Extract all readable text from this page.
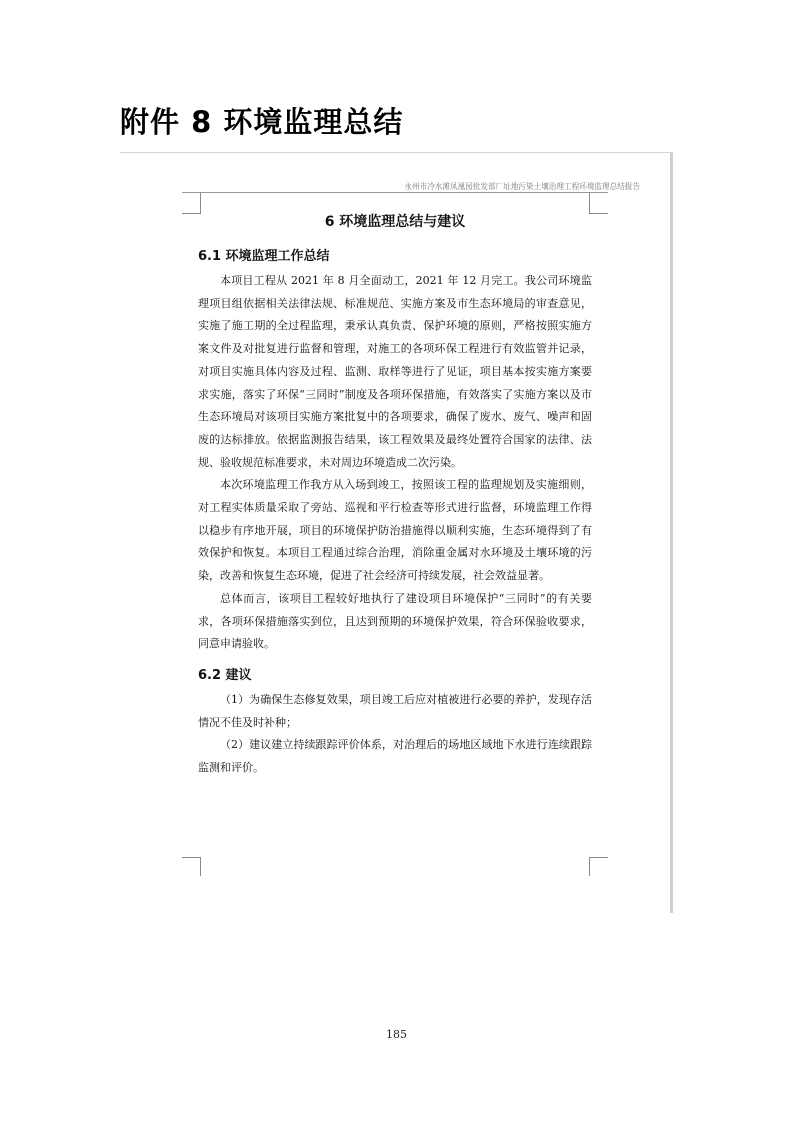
附件 8 环境监理总结
永州市冷水滩凤凰园批发部厂址地污染土壤治理工程环境监理总结报告
6 环境监理总结与建议
6.1 环境监理工作总结

本项目工程从 2021 年 8 月全面动工，2021 年 12 月完工。我公司环境监理项目组依据相关法律法规、标准规范、实施方案及市生态环境局的审查意见，实施了施工期的全过程监理，秉承认真负责、保护环境的原则，严格按照实施方案文件及对批复进行监督和管理，对施工的各项环保工程进行有效监管并记录，对项目实施具体内容及过程、监测、取样等进行了见证，项目基本按实施方案要求实施，落实了环保“三同时”制度及各项环保措施，有效落实了实施方案以及市生态环境局对该项目实施方案批复中的各项要求，确保了废水、废气、噪声和固废的达标排放。依据监测报告结果，该工程效果及最终处置符合国家的法律、法规、验收规范标准要求，未对周边环境造成二次污染。

本次环境监理工作我方从入场到竣工，按照该工程的监理规划及实施细则，对工程实体质量采取了旁站、巡视和平行检查等形式进行监督，环境监理工作得以稳步有序地开展，项目的环境保护防治措施得以顺利实施，生态环境得到了有效保护和恢复。本项目工程通过综合治理，消除重金属对水环境及土壤环境的污染，改善和恢复生态环境，促进了社会经济可持续发展，社会效益显著。

总体而言，该项目工程较好地执行了建设项目环境保护“三同时”的有关要求，各项环保措施落实到位，且达到预期的环境保护效果，符合环保验收要求，同意申请验收。

6.2 建议

（1）为确保生态修复效果，项目竣工后应对植被进行必要的养护，发现存活情况不佳及时补种；

（2）建议建立持续跟踪评价体系，对治理后的场地区域地下水进行连续跟踪监测和评价。

185
